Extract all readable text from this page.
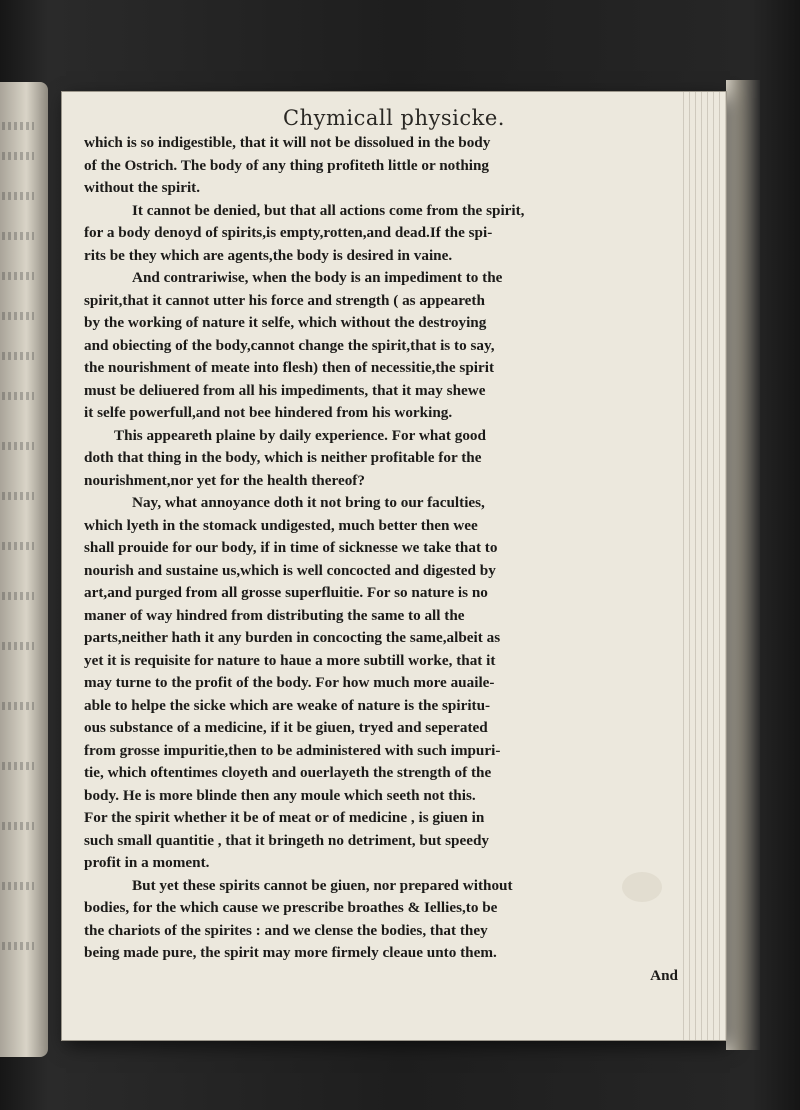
Chymicall physicke.
which is so indigestible, that it will not be dissolued in the body
of the Ostrich. The body of any thing profiteth little or nothing
without the spirit.
It cannot be denied, but that all actions come from the spirit,
for a body denoyd of spirits,is empty,rotten,and dead.If the spi-
rits be they which are agents,the body is desired in vaine.
And contrariwise, when the body is an impediment to the
spirit,that it cannot utter his force and strength ( as appeareth
by the working of nature it selfe, which without the destroying
and obiecting of the body,cannot change the spirit,that is to say,
the nourishment of meate into flesh) then of necessitie,the spirit
must be deliuered from all his impediments, that it may shewe
it selfe powerfull,and not bee hindered from his working.
This appeareth plaine by daily experience. For what good
doth that thing in the body, which is neither profitable for the
nourishment,nor yet for the health thereof?
Nay, what annoyance doth it not bring to our faculties,
which lyeth in the stomack undigested, much better then wee
shall prouide for our body, if in time of sicknesse we take that to
nourish and sustaine us,which is well concocted and digested by
art,and purged from all grosse superfluitie. For so nature is no
maner of way hindred from distributing the same to all the
parts,neither hath it any burden in concocting the same,albeit as
yet it is requisite for nature to haue a more subtill worke, that it
may turne to the profit of the body. For how much more auaile-
able to helpe the sicke which are weake of nature is the spiritu-
ous substance of a medicine, if it be giuen, tryed and seperated
from grosse impuritie,then to be administered with such impuri-
tie, which oftentimes cloyeth and ouerlayeth the strength of the
body. He is more blinde then any moule which seeth not this.
For the spirit whether it be of meat or of medicine , is giuen in
such small quantitie , that it bringeth no detriment, but speedy
profit in a moment.
But yet these spirits cannot be giuen, nor prepared without
bodies, for the which cause we prescribe broathes & Iellies,to be
the chariots of the spirites : and we clense the bodies, that they
being made pure, the spirit may more firmely cleaue unto them.
And
